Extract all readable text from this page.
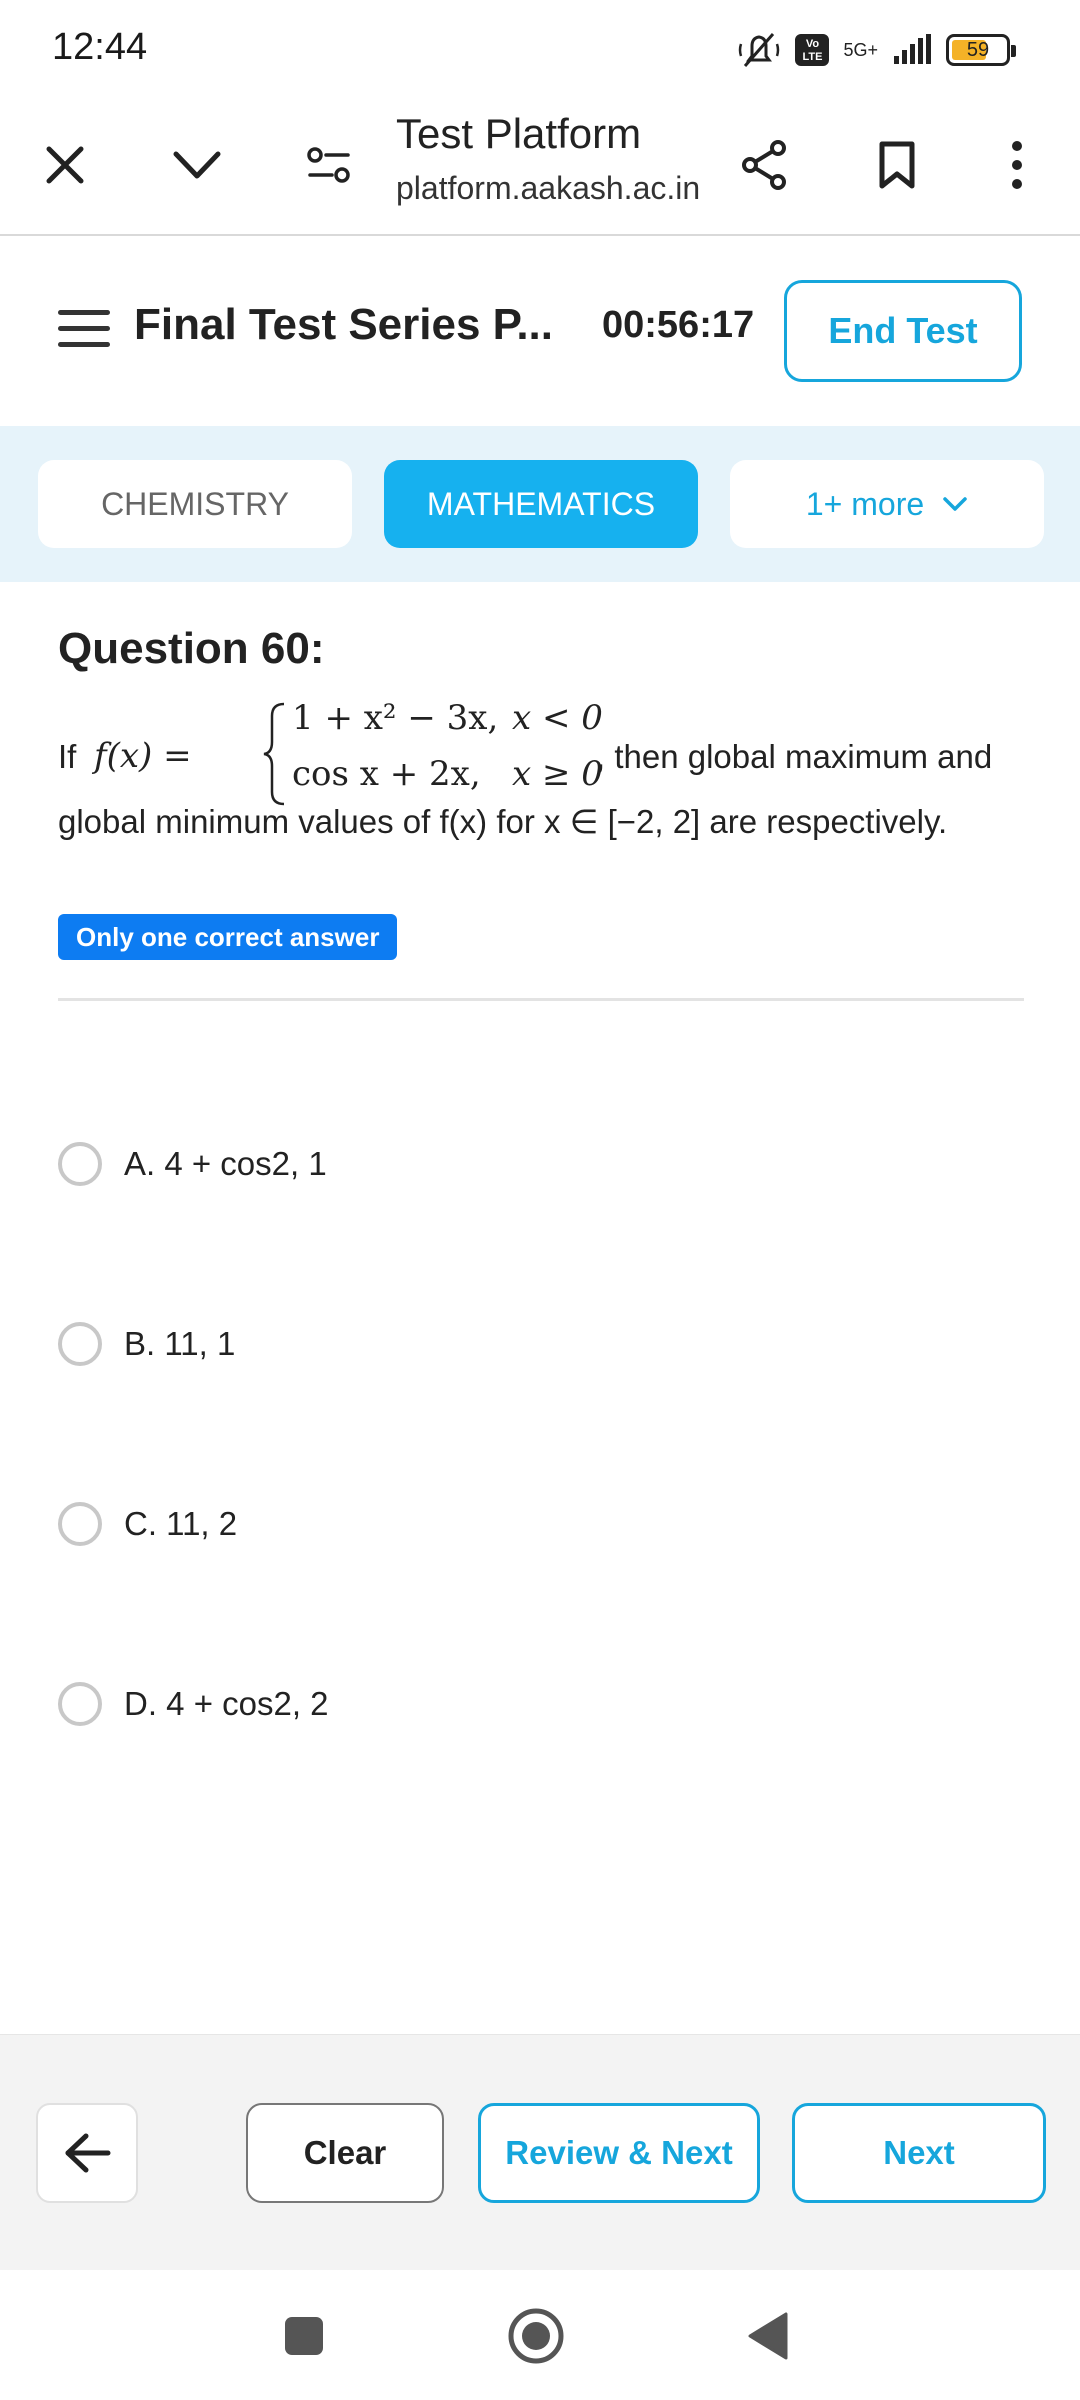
12:44	Vo LTE	5G+	59
Test Platform
platform.aakash.ac.in
Final Test Series P... 00:56:17	End Test
CHEMISTRY	MATHEMATICS	1+ more
Question 60:
If f(x) =
1 + x² − 3x, x < 0
cos x + 2x, x ≥ 0
, then global maximum and
global minimum values of f(x) for x ∈ [−2, 2] are respectively.
Only one correct answer
A. 4 + cos2, 1
B. 11, 1
C. 11, 2
D. 4 + cos2, 2
Clear	Review & Next	Next
